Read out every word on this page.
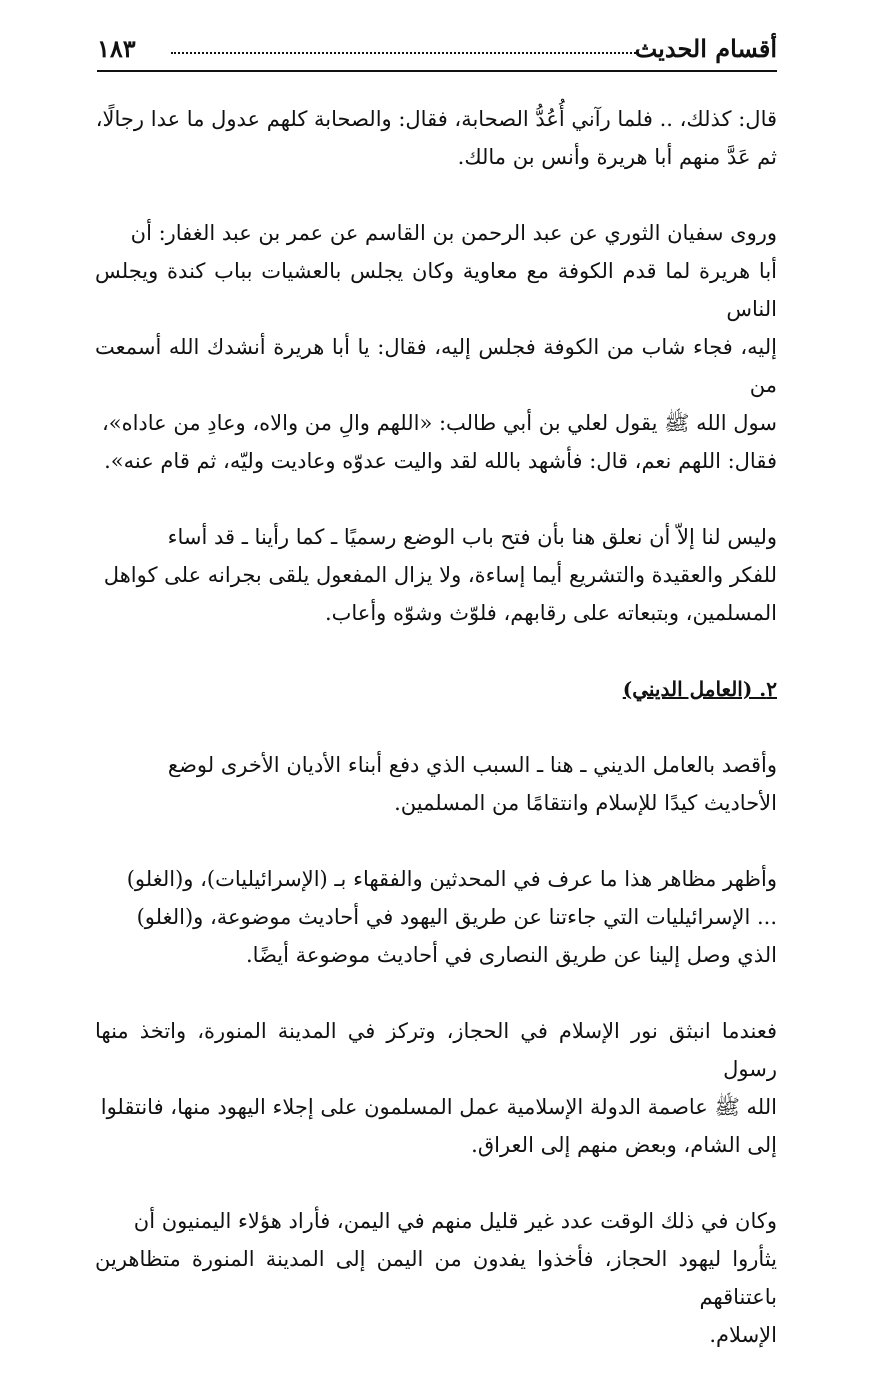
أقسام الحديث
١٨٣

قال: كذلك، .. فلما رآني أُعُدُّ الصحابة، فقال: والصحابة كلهم عدول ما عدا رجالًا،
ثم عَدَّ منهم أبا هريرة وأنس بن مالك.

وروى سفيان الثوري عن عبد الرحمن بن القاسم عن عمر بن عبد الغفار: أن
أبا هريرة لما قدم الكوفة مع معاوية وكان يجلس بالعشيات بباب كندة ويجلس الناس
إليه، فجاء شاب من الكوفة فجلس إليه، فقال: يا أبا هريرة أنشدك الله أسمعت من
سول الله ﷺ يقول لعلي بن أبي طالب: «اللهم والِ من والاه، وعادِ من عاداه»،
فقال: اللهم نعم، قال: فأشهد بالله لقد واليت عدوّه وعاديت وليّه، ثم قام عنه».

وليس لنا إلاّ أن نعلق هنا بأن فتح باب الوضع رسميًا ـ كما رأينا ـ قد أساء
للفكر والعقيدة والتشريع أيما إساءة، ولا يزال المفعول يلقى بجرانه على كواهل
المسلمين، وبتبعاته على رقابهم، فلوّث وشوّه وأعاب.

٢. (العامل الديني)

وأقصد بالعامل الديني ـ هنا ـ السبب الذي دفع أبناء الأديان الأخرى لوضع
الأحاديث كيدًا للإسلام وانتقامًا من المسلمين.

وأظهر مظاهر هذا ما عرف في المحدثين والفقهاء بـ (الإسرائيليات)، و(الغلو)
... الإسرائيليات التي جاءتنا عن طريق اليهود في أحاديث موضوعة، و(الغلو)
الذي وصل إلينا عن طريق النصارى في أحاديث موضوعة أيضًا.

فعندما انبثق نور الإسلام في الحجاز، وتركز في المدينة المنورة، واتخذ منها رسول
الله ﷺ عاصمة الدولة الإسلامية عمل المسلمون على إجلاء اليهود منها، فانتقلوا
إلى الشام، وبعض منهم إلى العراق.

وكان في ذلك الوقت عدد غير قليل منهم في اليمن، فأراد هؤلاء اليمنيون أن
يثأروا ليهود الحجاز، فأخذوا يفدون من اليمن إلى المدينة المنورة متظاهرين باعتناقهم
الإسلام.
